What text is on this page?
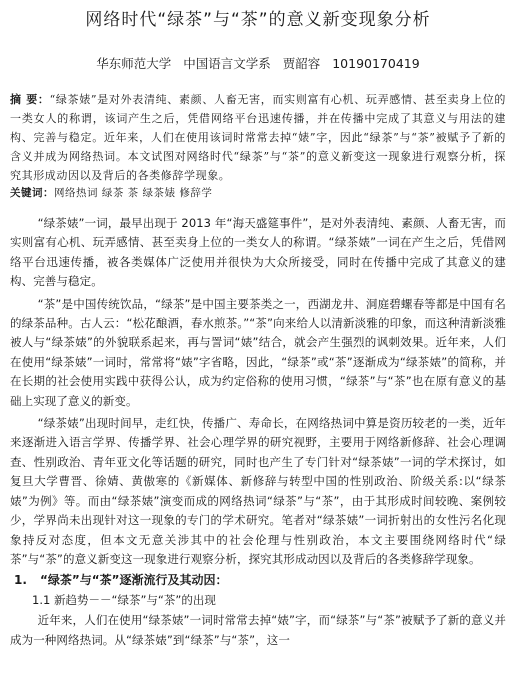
网络时代“绿茶”与“茶”的意义新变现象分析

华东师范大学 中国语言文学系 贾韶容 10190170419

摘 要：“绿茶婊”是对外表清纯、素颜、人畜无害，而实则富有心机、玩弄感情、甚至卖身上位的一类女人的称谓，该词产生之后，凭借网络平台迅速传播，并在传播中完成了其意义与用法的建构、完善与稳定。近年来，人们在使用该词时常常去掉“婊”字，因此“绿茶”与“茶”被赋予了新的含义并成为网络热词。本文试图对网络时代“绿茶”与“茶”的意义新变这一现象进行观察分析，探究其形成动因以及背后的各类修辞学现象。

关键词：网络热词 绿茶 茶 绿茶婊 修辞学

“绿茶婊”一词，最早出现于 2013 年“海天盛筵事件”，是对外表清纯、素颜、人畜无害，而实则富有心机、玩弄感情、甚至卖身上位的一类女人的称谓。“绿茶婊”一词在产生之后，凭借网络平台迅速传播，被各类媒体广泛使用并很快为大众所接受，同时在传播中完成了其意义的建构、完善与稳定。

“茶”是中国传统饮品，“绿茶”是中国主要茶类之一，西湖龙井、洞庭碧螺春等都是中国有名的绿茶品种。古人云：“松花酿酒，春水煎茶。”“茶”向来给人以清新淡雅的印象，而这种清新淡雅被人与“绿茶婊”的外貌联系起来，再与詈词“婊”结合，就会产生强烈的讽刺效果。近年来，人们在使用“绿茶婊”一词时，常常将“婊”字省略，因此，“绿茶”或“茶”逐渐成为“绿茶婊”的简称，并在长期的社会使用实践中获得公认，成为约定俗称的使用习惯，“绿茶”与“茶”也在原有意义的基础上实现了意义的新变。

“绿茶婊”出现时间早，走红快，传播广、寿命长，在网络热词中算是资历较老的一类，近年来逐渐进入语言学界、传播学界、社会心理学界的研究视野，主要用于网络新修辞、社会心理调查、性别政治、青年亚文化等话题的研究，同时也产生了专门针对“绿茶婊”一词的学术探讨，如复旦大学曹晋、徐婧、黄傲寒的《新媒体、新修辞与转型中国的性别政治、阶级关系:以“绿茶婊”为例》等。而由“绿茶婊”演变而成的网络热词“绿茶”与“茶”，由于其形成时间较晚、案例较少，学界尚未出现针对这一现象的专门的学术研究。笔者对“绿茶婊”一词折射出的女性污名化现象持反对态度，但本文无意关涉其中的社会伦理与性别政治，本文主要围绕网络时代“绿茶”与“茶”的意义新变这一现象进行观察分析，探究其形成动因以及背后的各类修辞学现象。

1. “绿茶”与“茶”逐渐流行及其动因：
1.1 新趋势－－“绿茶”与“茶”的出现

近年来，人们在使用“绿茶婊”一词时常常去掉“婊”字，而“绿茶”与“茶”被赋予了新的意义并成为一种网络热词。从“绿茶婊”到“绿茶”与“茶”，这一
